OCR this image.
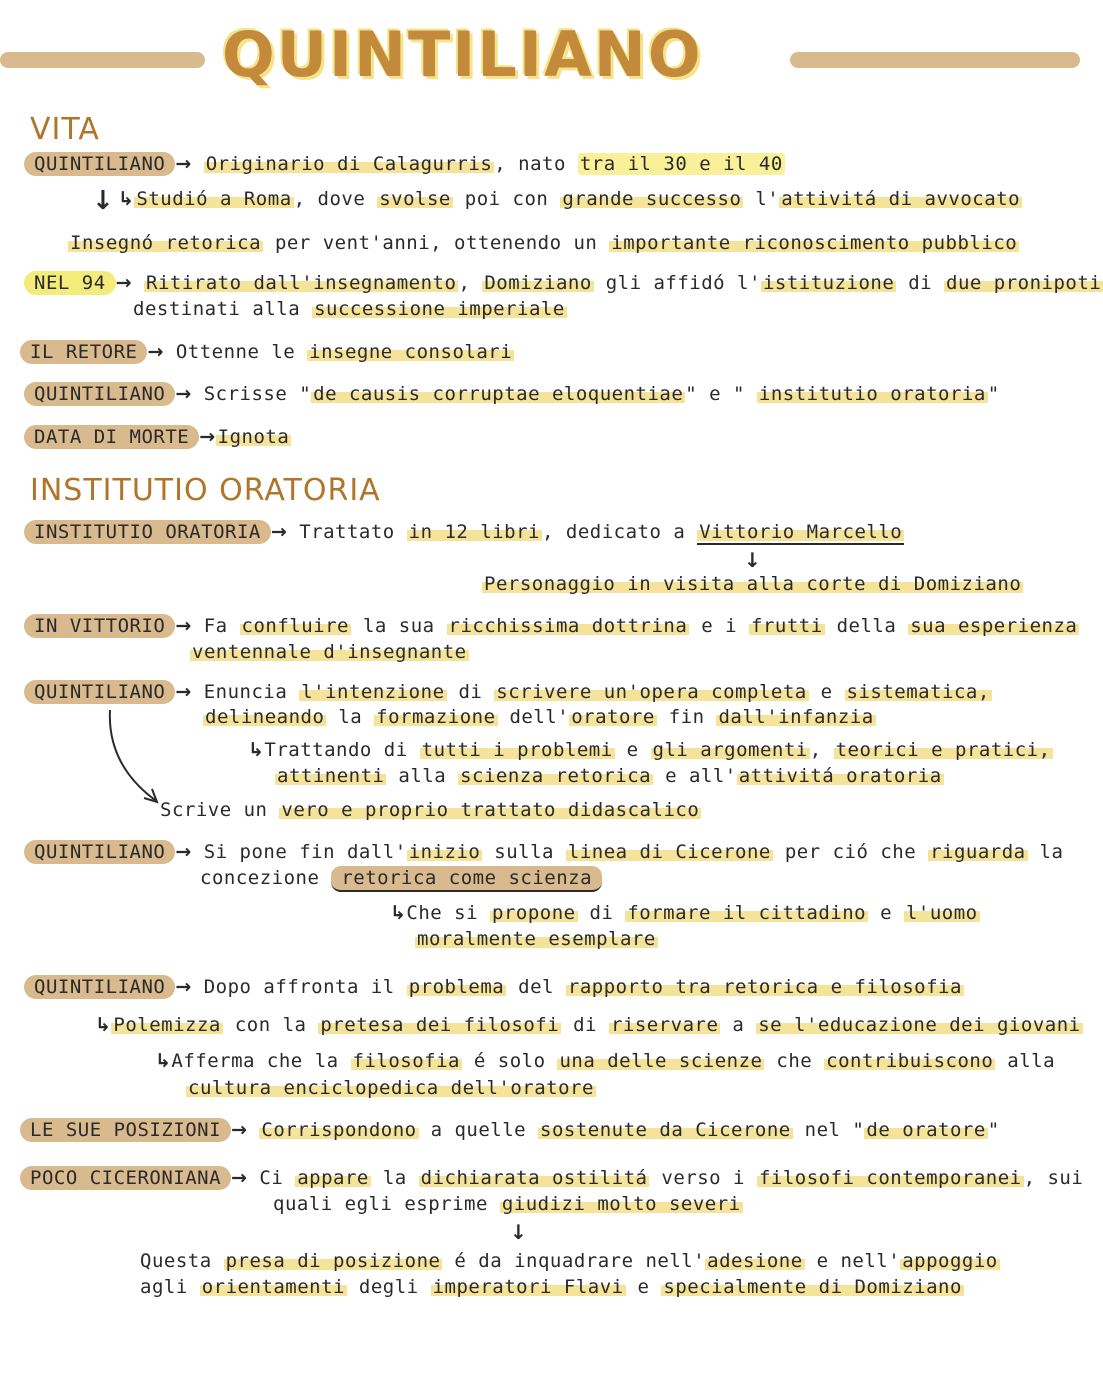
QUINTILIANO
VITA
QUINTILIANO → Originario di Calagurris , nato tra il 30 e il 40
↓ ↳ Studió a Roma , dove svolse poi con grande successo l' attivitá di avvocato
Insegnó retorica per vent'anni, ottenendo un importante riconoscimento pubblico
NEL 94 → Ritirato dall'insegnamento , Domiziano gli affidó l' istituzione di due pronipoti
destinati alla successione imperiale
IL RETORE → Ottenne le insegne consolari
QUINTILIANO → Scrisse " de causis corruptae eloquentiae " e " institutio oratoria "
DATA DI MORTE → Ignota
INSTITUTIO ORATORIA
INSTITUTIO ORATORIA → Trattato in 12 libri , dedicato a Vittorio Marcello
↓
Personaggio in visita alla corte di Domiziano
IN VITTORIO → Fa confluire la sua ricchissima dottrina e i frutti della sua esperienza
ventennale d'insegnante
QUINTILIANO → Enuncia l'intenzione di scrivere un'opera completa e sistematica,
delineando la formazione dell' oratore fin dall'infanzia
↳Trattando di tutti i problemi e gli argomenti , teorici e pratici,
attinenti alla scienza retorica e all' attivitá oratoria
Scrive un vero e proprio trattato didascalico
QUINTILIANO → Si pone fin dall' inizio sulla linea di Cicerone per ció che riguarda la
concezione retorica come scienza
↳Che si propone di formare il cittadino e l'uomo
moralmente esemplare
QUINTILIANO → Dopo affronta il problema del rapporto tra retorica e filosofia
↳ Polemizza con la pretesa dei filosofi di riservare a se l'educazione dei giovani
↳Afferma che la filosofia é solo una delle scienze che contribuiscono alla
cultura enciclopedica dell'oratore
LE SUE POSIZIONI → Corrispondono a quelle sostenute da Cicerone nel " de oratore "
POCO CICERONIANA → Ci appare la dichiarata ostilitá verso i filosofi contemporanei , sui
quali egli esprime giudizi molto severi
↓
Questa presa di posizione é da inquadrare nell' adesione e nell' appoggio
agli orientamenti degli imperatori Flavi e specialmente di Domiziano
